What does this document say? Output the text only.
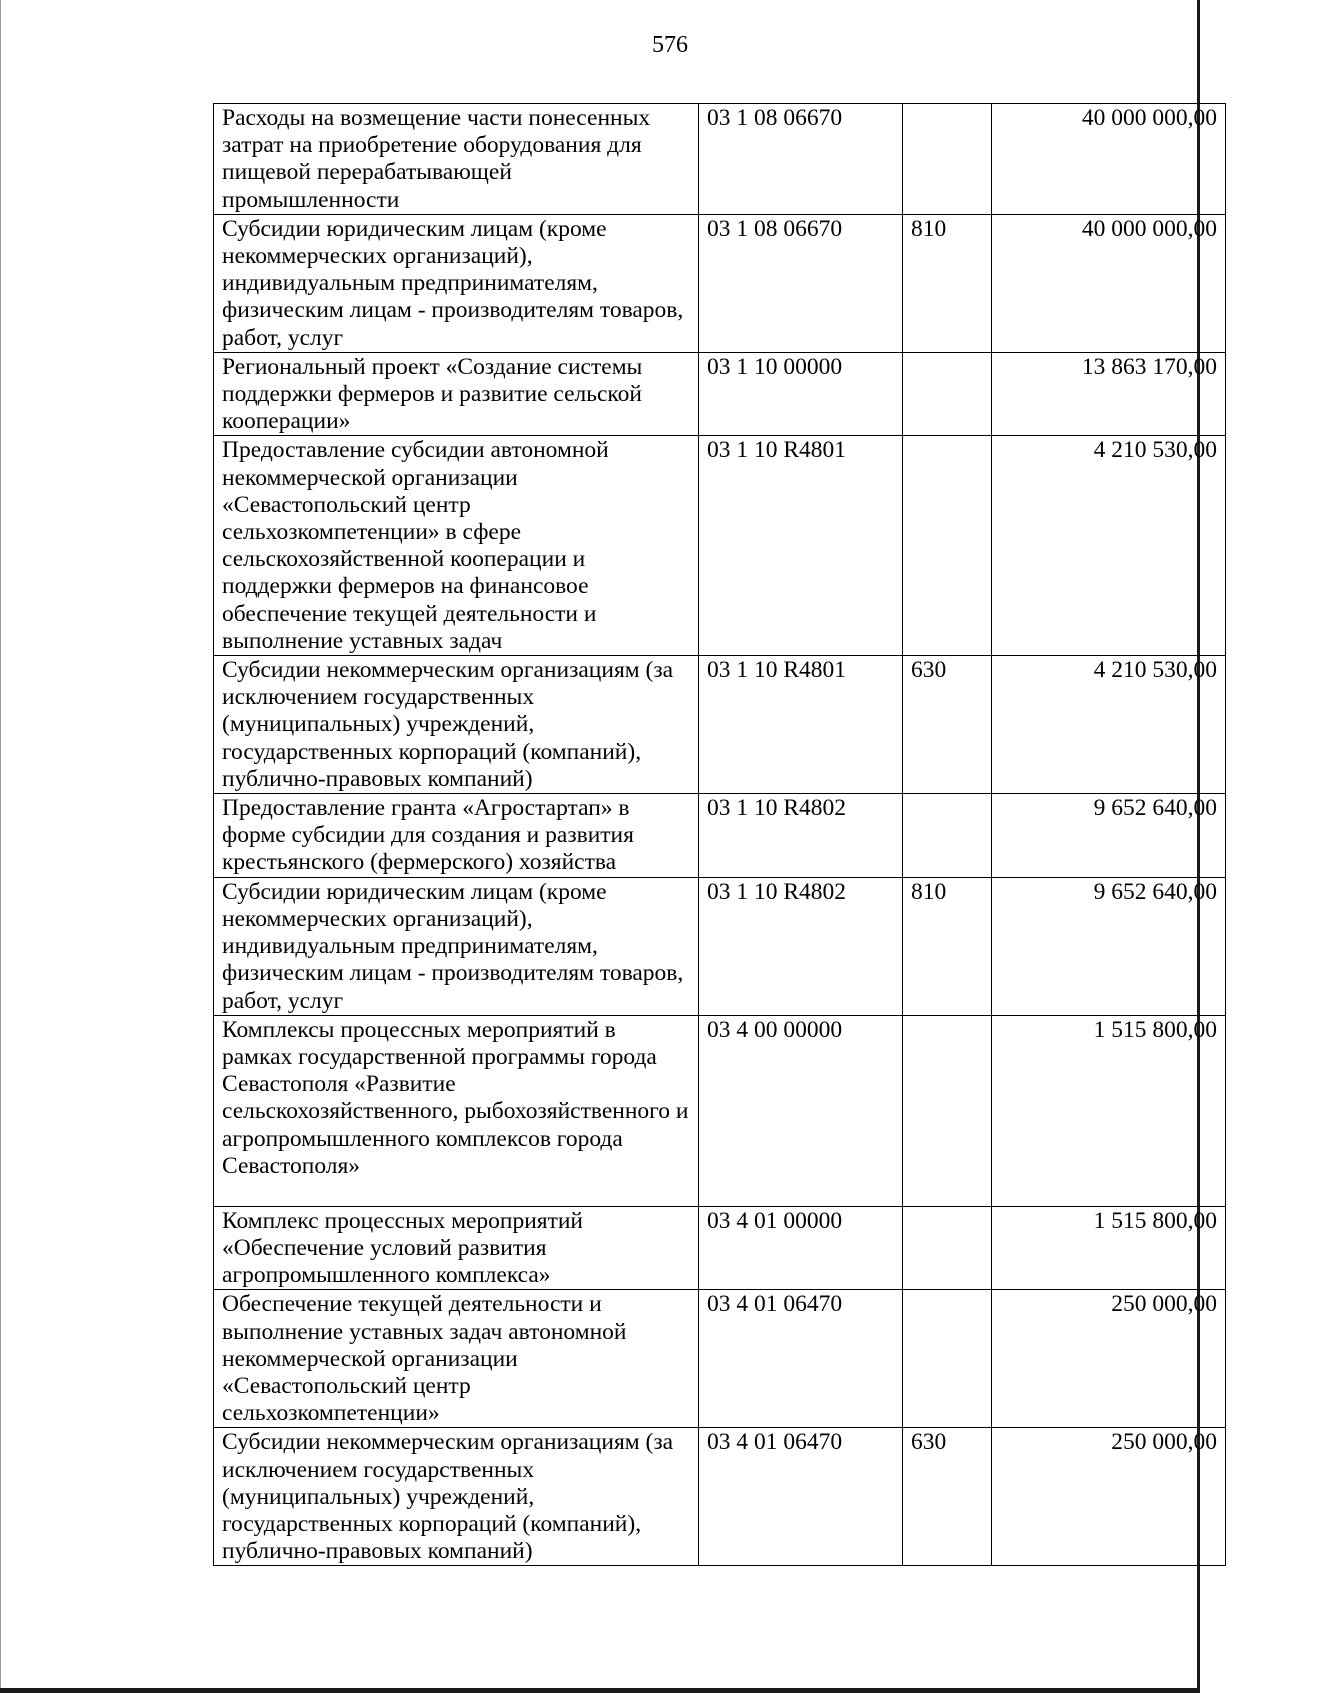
576
Расходы на возмещение части понесенных затрат на приобретение оборудования для пищевой перерабатывающей промышленности	03 1 08 06670		40 000 000,00
Субсидии юридическим лицам (кроме некоммерческих организаций), индивидуальным предпринимателям, физическим лицам - производителям товаров, работ, услуг	03 1 08 06670	810	40 000 000,00
Региональный проект «Создание системы поддержки фермеров и развитие сельской кооперации»	03 1 10 00000		13 863 170,00
Предоставление субсидии автономной некоммерческой организации «Севастопольский центр сельхозкомпетенции» в сфере сельскохозяйственной кооперации и поддержки фермеров на финансовое обеспечение текущей деятельности и выполнение уставных задач	03 1 10 R4801		4 210 530,00
Субсидии некоммерческим организациям (за исключением государственных (муниципальных) учреждений, государственных корпораций (компаний), публично-правовых компаний)	03 1 10 R4801	630	4 210 530,00
Предоставление гранта «Агростартап» в форме субсидии для создания и развития крестьянского (фермерского) хозяйства	03 1 10 R4802		9 652 640,00
Субсидии юридическим лицам (кроме некоммерческих организаций), индивидуальным предпринимателям, физическим лицам - производителям товаров, работ, услуг	03 1 10 R4802	810	9 652 640,00
Комплексы процессных мероприятий в рамках государственной программы города Севастополя «Развитие сельскохозяйственного, рыбохозяйственного и агропромышленного комплексов города Севастополя»	03 4 00 00000		1 515 800,00
Комплекс процессных мероприятий «Обеспечение условий развития агропромышленного комплекса»	03 4 01 00000		1 515 800,00
Обеспечение текущей деятельности и выполнение уставных задач автономной некоммерческой организации «Севастопольский центр сельхозкомпетенции»	03 4 01 06470		250 000,00
Субсидии некоммерческим организациям (за исключением государственных (муниципальных) учреждений, государственных корпораций (компаний), публично-правовых компаний)	03 4 01 06470	630	250 000,00
